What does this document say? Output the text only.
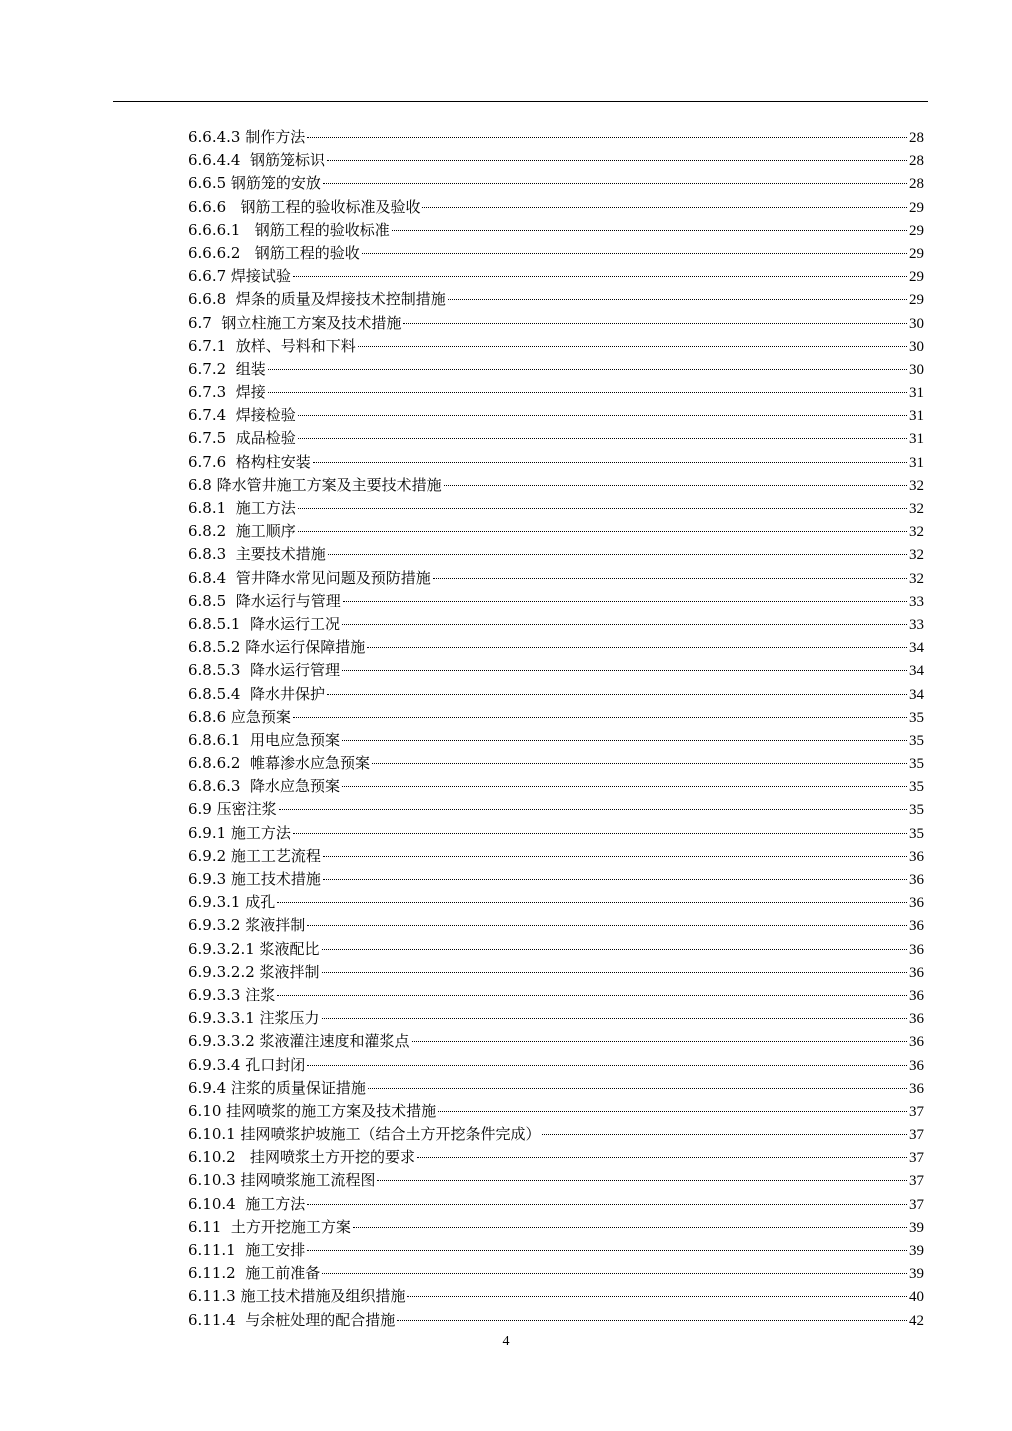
6.6.4.3 制作方法	28
6.6.4.4  钢筋笼标识	28
6.6.5 钢筋笼的安放	28
6.6.6   钢筋工程的验收标准及验收	29
6.6.6.1   钢筋工程的验收标准	29
6.6.6.2   钢筋工程的验收	29
6.6.7 焊接试验	29
6.6.8  焊条的质量及焊接技术控制措施	29
6.7  钢立柱施工方案及技术措施	30
6.7.1  放样、号料和下料	30
6.7.2  组装	30
6.7.3  焊接	31
6.7.4  焊接检验	31
6.7.5  成品检验	31
6.7.6  格构柱安装	31
6.8 降水管井施工方案及主要技术措施	32
6.8.1  施工方法	32
6.8.2  施工顺序	32
6.8.3  主要技术措施	32
6.8.4  管井降水常见问题及预防措施	32
6.8.5  降水运行与管理	33
6.8.5.1  降水运行工况	33
6.8.5.2 降水运行保障措施	34
6.8.5.3  降水运行管理	34
6.8.5.4  降水井保护	34
6.8.6 应急预案	35
6.8.6.1  用电应急预案	35
6.8.6.2  帷幕渗水应急预案	35
6.8.6.3  降水应急预案	35
6.9 压密注浆	35
6.9.1 施工方法	35
6.9.2 施工工艺流程	36
6.9.3 施工技术措施	36
6.9.3.1 成孔	36
6.9.3.2 浆液拌制	36
6.9.3.2.1 浆液配比	36
6.9.3.2.2 浆液拌制	36
6.9.3.3 注浆	36
6.9.3.3.1 注浆压力	36
6.9.3.3.2 浆液灌注速度和灌浆点	36
6.9.3.4 孔口封闭	36
6.9.4 注浆的质量保证措施	36
6.10 挂网喷浆的施工方案及技术措施	37
6.10.1 挂网喷浆护坡施工（结合土方开挖条件完成）	37
6.10.2   挂网喷浆土方开挖的要求	37
6.10.3 挂网喷浆施工流程图	37
6.10.4  施工方法	37
6.11  土方开挖施工方案	39
6.11.1  施工安排	39
6.11.2  施工前准备	39
6.11.3 施工技术措施及组织措施	40
6.11.4  与余桩处理的配合措施	42
4
